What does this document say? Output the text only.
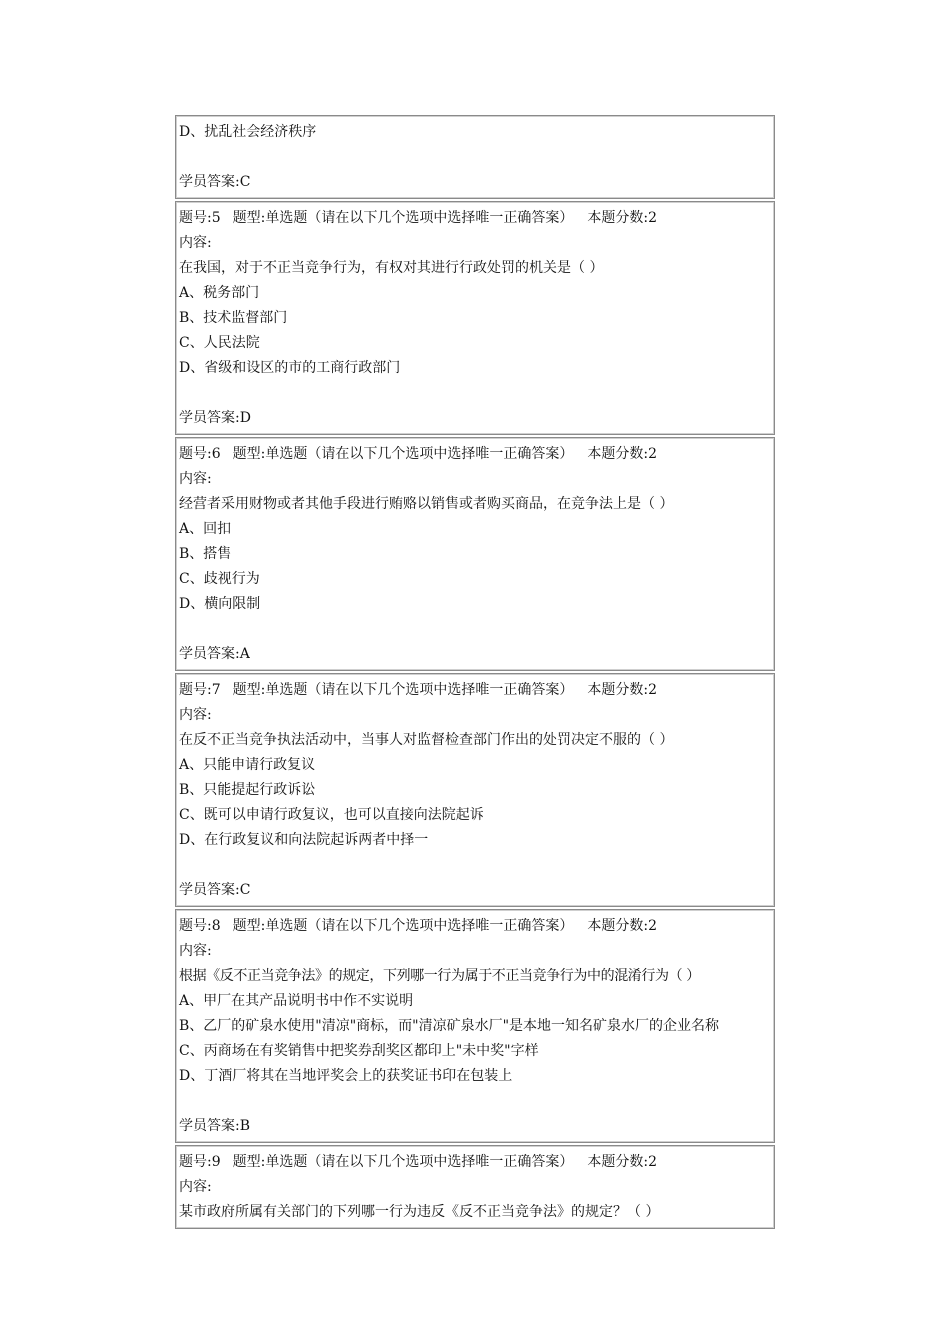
D、扰乱社会经济秩序
学员答案:C
题号:5 题型:单选题（请在以下几个选项中选择唯一正确答案） 本题分数:2
内容:
在我国，对于不正当竞争行为，有权对其进行行政处罚的机关是（ ）
A、税务部门
B、技术监督部门
C、人民法院
D、省级和设区的市的工商行政部门
学员答案:D
题号:6 题型:单选题（请在以下几个选项中选择唯一正确答案） 本题分数:2
内容:
经营者采用财物或者其他手段进行贿赂以销售或者购买商品，在竞争法上是（ ）
A、回扣
B、搭售
C、歧视行为
D、横向限制
学员答案:A
题号:7 题型:单选题（请在以下几个选项中选择唯一正确答案） 本题分数:2
内容:
在反不正当竞争执法活动中，当事人对监督检查部门作出的处罚决定不服的（ ）
A、只能申请行政复议
B、只能提起行政诉讼
C、既可以申请行政复议，也可以直接向法院起诉
D、在行政复议和向法院起诉两者中择一
学员答案:C
题号:8 题型:单选题（请在以下几个选项中选择唯一正确答案） 本题分数:2
内容:
根据《反不正当竞争法》的规定，下列哪一行为属于不正当竞争行为中的混淆行为（ ）
A、甲厂在其产品说明书中作不实说明
B、乙厂的矿泉水使用"清凉"商标，而"清凉矿泉水厂"是本地一知名矿泉水厂的企业名称
C、丙商场在有奖销售中把奖券刮奖区都印上"未中奖"字样
D、丁酒厂将其在当地评奖会上的获奖证书印在包装上
学员答案:B
题号:9 题型:单选题（请在以下几个选项中选择唯一正确答案） 本题分数:2
内容:
某市政府所属有关部门的下列哪一行为违反《反不正当竞争法》的规定？（ ）
